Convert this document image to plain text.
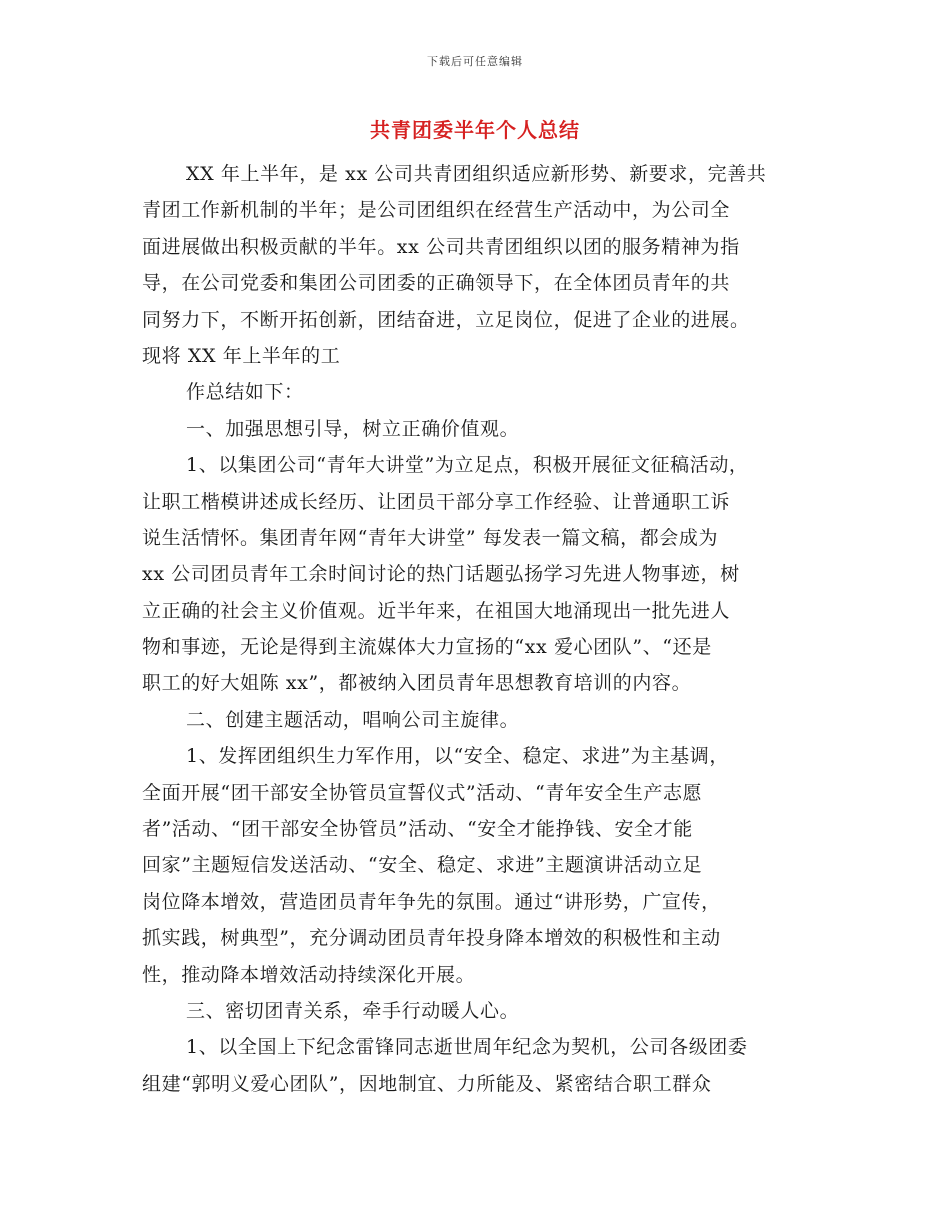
下载后可任意编辑
共青团委半年个人总结
XX 年上半年，是 xx 公司共青团组织适应新形势、新要求，完善共
青团工作新机制的半年；是公司团组织在经营生产活动中，为公司全
面进展做出积极贡献的半年。xx 公司共青团组织以团的服务精神为指
导，在公司党委和集团公司团委的正确领导下，在全体团员青年的共
同努力下，不断开拓创新，团结奋进，立足岗位，促进了企业的进展。
现将 XX 年上半年的工
作总结如下：
一、加强思想引导，树立正确价值观。
1、以集团公司“青年大讲堂”为立足点，积极开展征文征稿活动，
让职工楷模讲述成长经历、让团员干部分享工作经验、让普通职工诉
说生活情怀。集团青年网“青年大讲堂” 每发表一篇文稿，都会成为
xx 公司团员青年工余时间讨论的热门话题弘扬学习先进人物事迹，树
立正确的社会主义价值观。近半年来，在祖国大地涌现出一批先进人
物和事迹，无论是得到主流媒体大力宣扬的“xx 爱心团队”、“还是
职工的好大姐陈 xx”，都被纳入团员青年思想教育培训的内容。
二、创建主题活动，唱响公司主旋律。
1、发挥团组织生力军作用，以“安全、稳定、求进”为主基调，
全面开展“团干部安全协管员宣誓仪式”活动、“青年安全生产志愿
者”活动、“团干部安全协管员”活动、“安全才能挣钱、安全才能
回家”主题短信发送活动、“安全、稳定、求进”主题演讲活动立足
岗位降本增效，营造团员青年争先的氛围。通过“讲形势，广宣传，
抓实践，树典型”，充分调动团员青年投身降本增效的积极性和主动
性，推动降本增效活动持续深化开展。
三、密切团青关系，牵手行动暖人心。
1、以全国上下纪念雷锋同志逝世周年纪念为契机，公司各级团委
组建“郭明义爱心团队”，因地制宜、力所能及、紧密结合职工群众
